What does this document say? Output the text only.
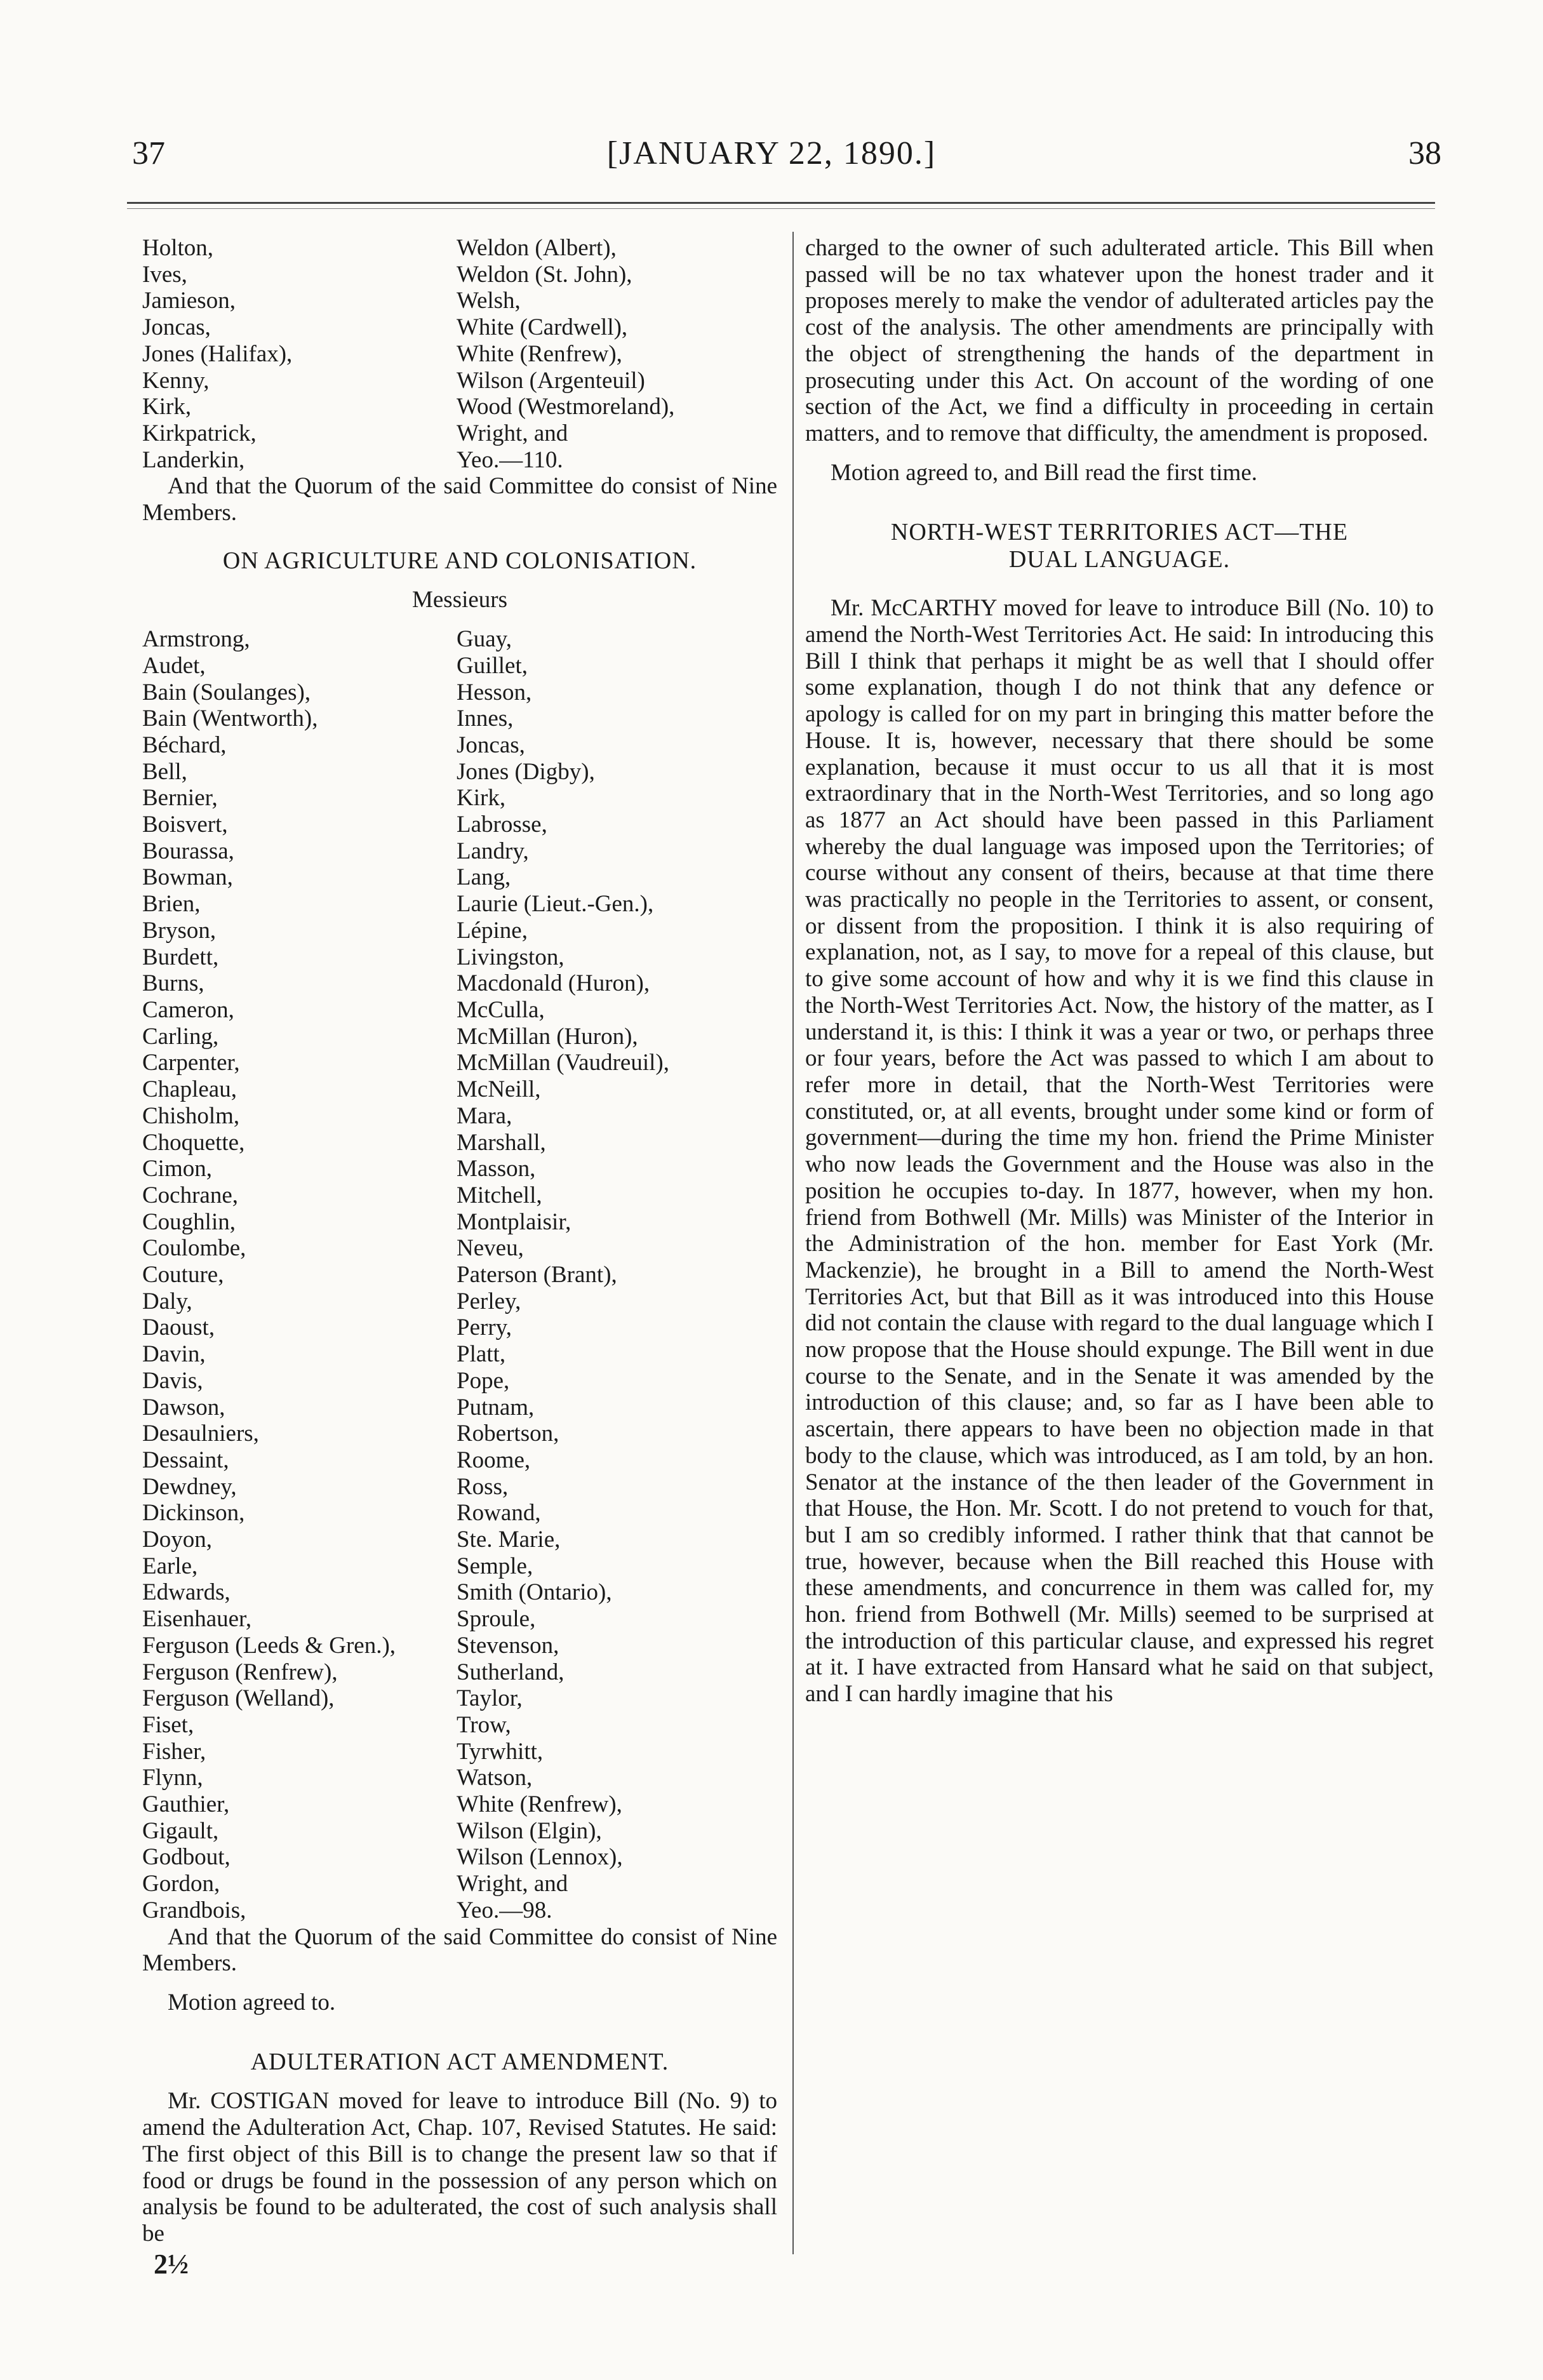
37	[JANUARY 22, 1890.]	38
Holton,
Ives,
Jamieson,
Joncas,
Jones (Halifax),
Kenny,
Kirk,
Kirkpatrick,
Landerkin,
Weldon (Albert),
Weldon (St. John),
Welsh,
White (Cardwell),
White (Renfrew),
Wilson (Argenteuil)
Wood (Westmoreland),
Wright, and
Yeo.—110.

And that the Quorum of the said Committee do consist of Nine Members.

ON AGRICULTURE AND COLONISATION.

Messieurs

Armstrong,
Audet,
Bain (Soulanges),
Bain (Wentworth),
Béchard,
Bell,
Bernier,
Boisvert,
Bourassa,
Bowman,
Brien,
Bryson,
Burdett,
Burns,
Cameron,
Carling,
Carpenter,
Chapleau,
Chisholm,
Choquette,
Cimon,
Cochrane,
Coughlin,
Coulombe,
Couture,
Daly,
Daoust,
Davin,
Davis,
Dawson,
Desaulniers,
Dessaint,
Dewdney,
Dickinson,
Doyon,
Earle,
Edwards,
Eisenhauer,
Ferguson (Leeds & Gren.),
Ferguson (Renfrew),
Ferguson (Welland),
Fiset,
Fisher,
Flynn,
Gauthier,
Gigault,
Godbout,
Gordon,
Grandbois,
Guay,
Guillet,
Hesson,
Innes,
Joncas,
Jones (Digby),
Kirk,
Labrosse,
Landry,
Lang,
Laurie (Lieut.-Gen.),
Lépine,
Livingston,
Macdonald (Huron),
McCulla,
McMillan (Huron),
McMillan (Vaudreuil),
McNeill,
Mara,
Marshall,
Masson,
Mitchell,
Montplaisir,
Neveu,
Paterson (Brant),
Perley,
Perry,
Platt,
Pope,
Putnam,
Robertson,
Roome,
Ross,
Rowand,
Ste. Marie,
Semple,
Smith (Ontario),
Sproule,
Stevenson,
Sutherland,
Taylor,
Trow,
Tyrwhitt,
Watson,
White (Renfrew),
Wilson (Elgin),
Wilson (Lennox),
Wright, and
Yeo.—98.

And that the Quorum of the said Committee do consist of Nine Members.

Motion agreed to.

ADULTERATION ACT AMENDMENT.

Mr. COSTIGAN moved for leave to introduce Bill (No. 9) to amend the Adulteration Act, Chap. 107, Revised Statutes. He said: The first object of this Bill is to change the present law so that if food or drugs be found in the possession of any person which on analysis be found to be adulterated, the cost of such analysis shall be

2½

charged to the owner of such adulterated article. This Bill when passed will be no tax whatever upon the honest trader and it proposes merely to make the vendor of adulterated articles pay the cost of the analysis. The other amendments are principally with the object of strengthening the hands of the department in prosecuting under this Act. On account of the wording of one section of the Act, we find a difficulty in proceeding in certain matters, and to remove that difficulty, the amendment is proposed.

Motion agreed to, and Bill read the first time.

NORTH-WEST TERRITORIES ACT—THE

DUAL LANGUAGE.

Mr. McCARTHY moved for leave to introduce Bill (No. 10) to amend the North-West Territories Act. He said: In introducing this Bill I think that perhaps it might be as well that I should offer some explanation, though I do not think that any defence or apology is called for on my part in bringing this matter before the House. It is, however, necessary that there should be some explanation, because it must occur to us all that it is most extraordinary that in the North-West Territories, and so long ago as 1877 an Act should have been passed in this Parliament whereby the dual language was imposed upon the Territories; of course without any consent of theirs, because at that time there was practically no people in the Territories to assent, or consent, or dissent from the proposition. I think it is also requiring of explanation, not, as I say, to move for a repeal of this clause, but to give some account of how and why it is we find this clause in the North-West Territories Act. Now, the history of the matter, as I understand it, is this: I think it was a year or two, or perhaps three or four years, before the Act was passed to which I am about to refer more in detail, that the North-West Territories were constituted, or, at all events, brought under some kind or form of government—during the time my hon. friend the Prime Minister who now leads the Government and the House was also in the position he occupies to-day. In 1877, however, when my hon. friend from Bothwell (Mr. Mills) was Minister of the Interior in the Administration of the hon. member for East York (Mr. Mackenzie), he brought in a Bill to amend the North-West Territories Act, but that Bill as it was introduced into this House did not contain the clause with regard to the dual language which I now propose that the House should expunge. The Bill went in due course to the Senate, and in the Senate it was amended by the introduction of this clause; and, so far as I have been able to ascertain, there appears to have been no objection made in that body to the clause, which was introduced, as I am told, by an hon. Senator at the instance of the then leader of the Government in that House, the Hon. Mr. Scott. I do not pretend to vouch for that, but I am so credibly informed. I rather think that that cannot be true, however, because when the Bill reached this House with these amendments, and concurrence in them was called for, my hon. friend from Bothwell (Mr. Mills) seemed to be surprised at the introduction of this particular clause, and expressed his regret at it. I have extracted from Hansard what he said on that subject, and I can hardly imagine that his
